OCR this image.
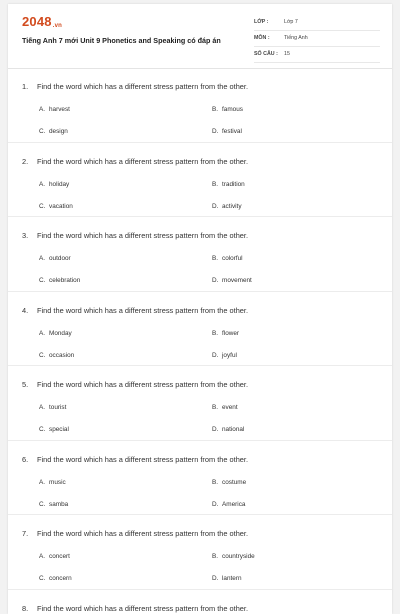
2048.vn
Tiếng Anh 7 mới Unit 9 Phonetics and Speaking có đáp án
LỚP :	Lớp 7
MÔN :	Tiếng Anh
SỐ CÂU : 15
1. Find the word which has a different stress pattern from the other.
A. harvest	B. famous
C. design	D. festival
2. Find the word which has a different stress pattern from the other.
A. holiday	B. tradition
C. vacation	D. activity
3. Find the word which has a different stress pattern from the other.
A. outdoor	B. colorful
C. celebration	D. movement
4. Find the word which has a different stress pattern from the other.
A. Monday	B. flower
C. occasion	D. joyful
5. Find the word which has a different stress pattern from the other.
A. tourist	B. event
C. special	D. national
6. Find the word which has a different stress pattern from the other.
A. music	B. costume
C. samba	D. America
7. Find the word which has a different stress pattern from the other.
A. concert	B. countryside
C. concern	D. lantern
8. Find the word which has a different stress pattern from the other.
